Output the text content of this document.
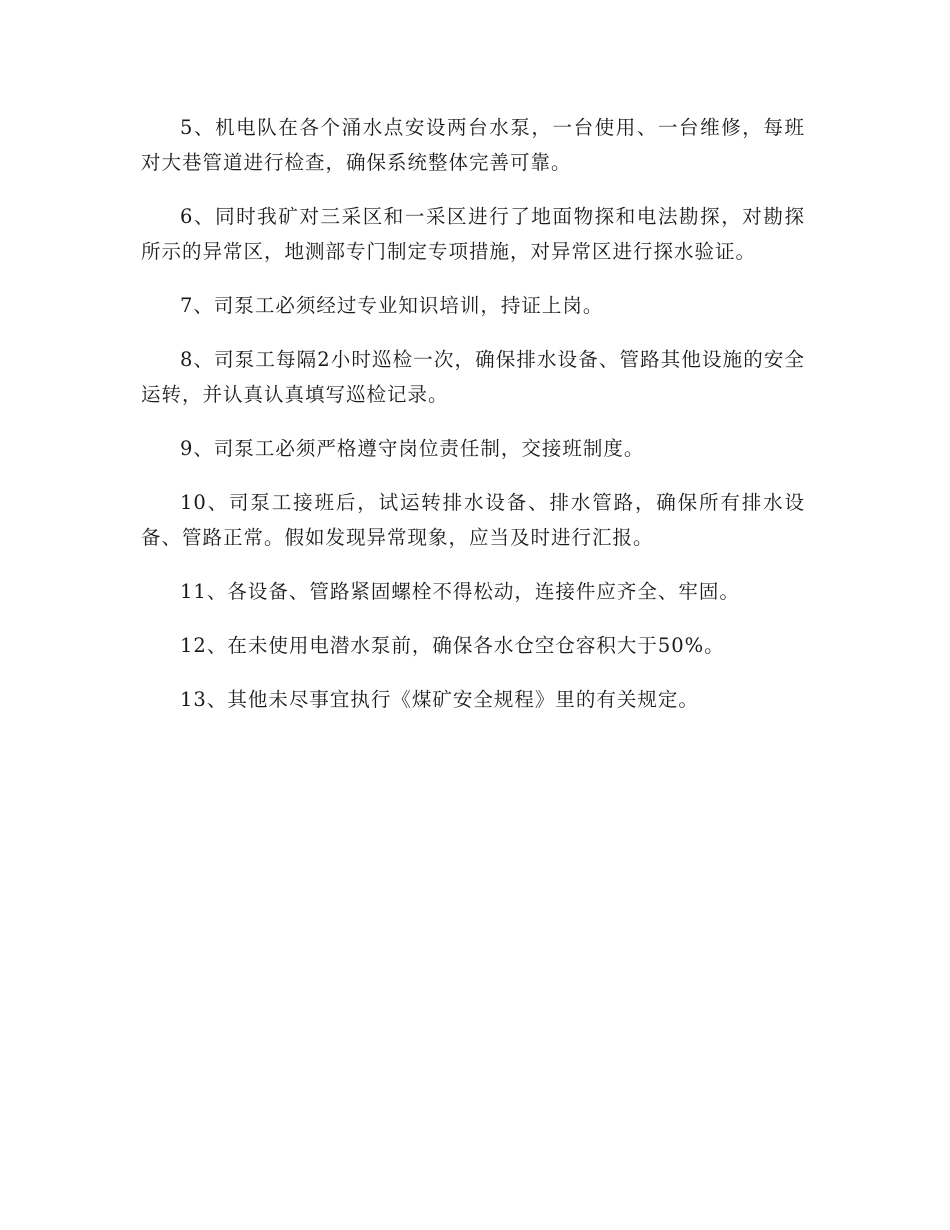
5、机电队在各个涌水点安设两台水泵，一台使用、一台维修，每班对大巷管道进行检查，确保系统整体完善可靠。

6、同时我矿对三采区和一采区进行了地面物探和电法勘探，对勘探所示的异常区，地测部专门制定专项措施，对异常区进行探水验证。

7、司泵工必须经过专业知识培训，持证上岗。

8、司泵工每隔2小时巡检一次，确保排水设备、管路其他设施的安全运转，并认真认真填写巡检记录。

9、司泵工必须严格遵守岗位责任制，交接班制度。

10、司泵工接班后，试运转排水设备、排水管路，确保所有排水设备、管路正常。假如发现异常现象，应当及时进行汇报。

11、各设备、管路紧固螺栓不得松动，连接件应齐全、牢固。

12、在未使用电潜水泵前，确保各水仓空仓容积大于50%。

13、其他未尽事宜执行《煤矿安全规程》里的有关规定。
